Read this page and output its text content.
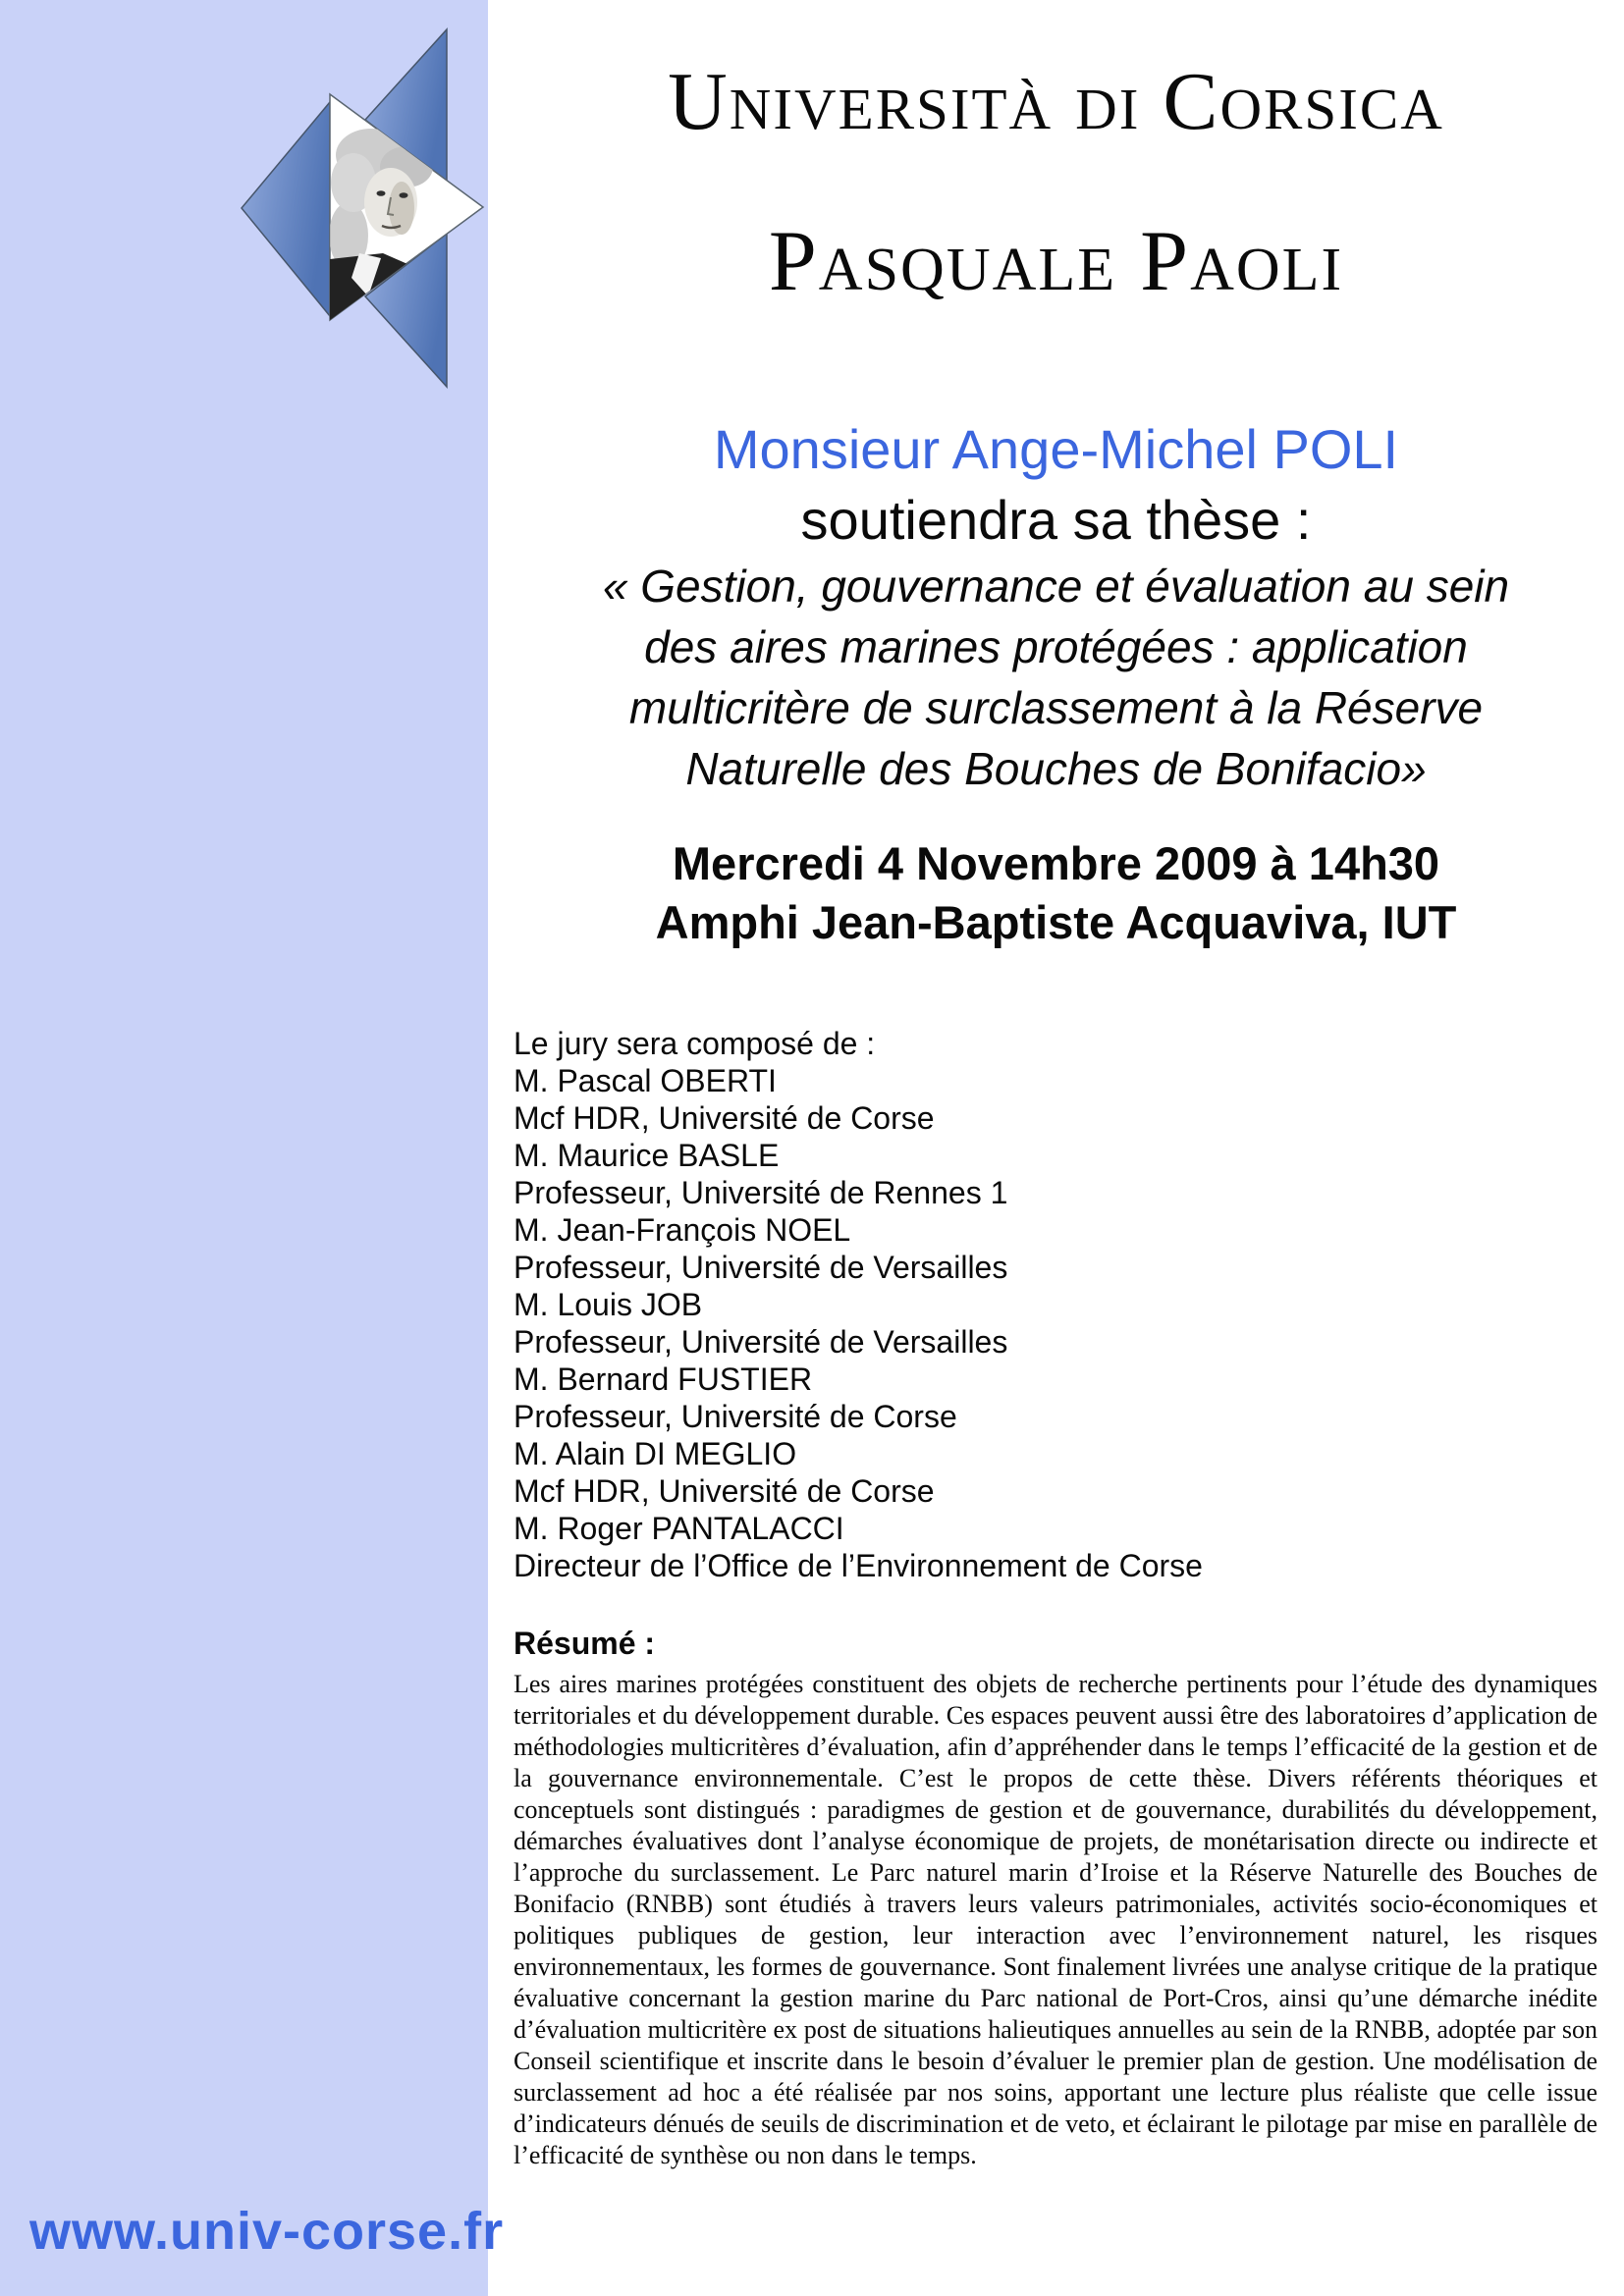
Università di Corsica
Pasquale Paoli
Monsieur Ange-Michel POLI
soutiendra sa thèse :
« Gestion, gouvernance et évaluation au sein
des aires marines protégées : application
multicritère de surclassement à la Réserve
Naturelle des Bouches de Bonifacio»
Mercredi 4 Novembre 2009 à 14h30
Amphi Jean-Baptiste Acquaviva, IUT
Le jury sera composé de :
M. Pascal OBERTI
Mcf HDR, Université de Corse
M. Maurice BASLE
Professeur, Université de Rennes 1
M. Jean-François NOEL
Professeur, Université de Versailles
M. Louis JOB
Professeur, Université de Versailles
M. Bernard FUSTIER
Professeur, Université de Corse
M. Alain DI MEGLIO
Mcf HDR, Université de Corse
M. Roger PANTALACCI
Directeur de l’Office de l’Environnement de Corse
Résumé :
Les aires marines protégées constituent des objets de recherche pertinents pour l’étude des dynamiques territoriales et du développement durable. Ces espaces peuvent aussi être des laboratoires d’application de méthodologies multicritères d’évaluation, afin d’appréhender dans le temps l’efficacité de la gestion et de la gouvernance environnementale. C’est le propos de cette thèse. Divers référents théoriques et conceptuels sont distingués : paradigmes de gestion et de gouvernance, durabilités du développement, démarches évaluatives dont l’analyse économique de projets, de monétarisation directe ou indirecte et l’approche du surclassement. Le Parc naturel marin d’Iroise et la Réserve Naturelle des Bouches de Bonifacio (RNBB) sont étudiés à travers leurs valeurs patrimoniales, activités socio-économiques et politiques publiques de gestion, leur interaction avec l’environnement naturel, les risques environnementaux, les formes de gouvernance. Sont finalement livrées une analyse critique de la pratique évaluative concernant la gestion marine du Parc national de Port-Cros, ainsi qu’une démarche inédite d’évaluation multicritère ex post de situations halieutiques annuelles au sein de la RNBB, adoptée par son Conseil scientifique et inscrite dans le besoin d’évaluer le premier plan de gestion. Une modélisation de surclassement ad hoc a été réalisée par nos soins, apportant une lecture plus réaliste que celle issue d’indicateurs dénués de seuils de discrimination et de veto, et éclairant le pilotage par mise en parallèle de l’efficacité de synthèse ou non dans le temps.
www.univ-corse.fr
